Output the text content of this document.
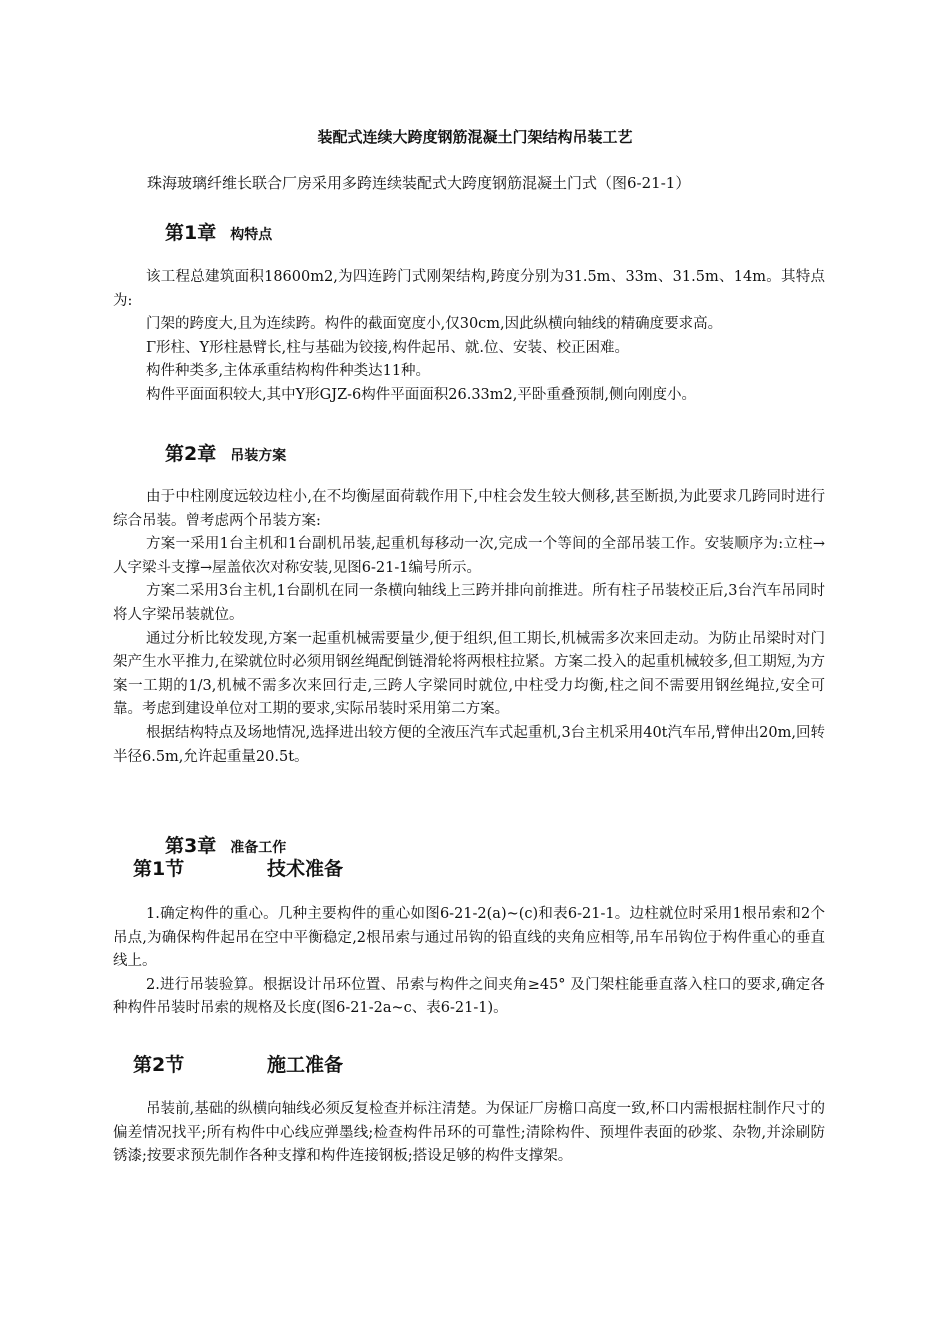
装配式连续大跨度钢筋混凝土门架结构吊装工艺
珠海玻璃纤维长联合厂房采用多跨连续装配式大跨度钢筋混凝土门式（图6-21-1）
第1章 构特点

该工程总建筑面积18600m2,为四连跨门式刚架结构,跨度分别为31.5m、33m、31.5m、14m。其特点为:

门架的跨度大,且为连续跨。构件的截面宽度小,仅30cm,因此纵横向轴线的精确度要求高。

Γ形柱、Y形柱悬臂长,柱与基础为铰接,构件起吊、就.位、安装、校正困难。

构件种类多,主体承重结构构件种类达11种。

构件平面面积较大,其中Y形GJZ-6构件平面面积26.33m2,平卧重叠预制,侧向刚度小。

第2章 吊装方案

由于中柱刚度远较边柱小,在不均衡屋面荷载作用下,中柱会发生较大侧移,甚至断损,为此要求几跨同时进行综合吊装。曾考虑两个吊装方案:

方案一采用1台主机和1台副机吊装,起重机每移动一次,完成一个等间的全部吊装工作。安装顺序为:立柱→人字梁斗支撑→屋盖依次对称安装,见图6-21-1编号所示。

方案二采用3台主机,1台副机在同一条横向轴线上三跨并排向前推进。所有柱子吊装校正后,3台汽车吊同时将人字梁吊装就位。

通过分析比较发现,方案一起重机械需要量少,便于组织,但工期长,机械需多次来回走动。为防止吊梁时对门架产生水平推力,在梁就位时必须用钢丝绳配倒链滑轮将两根柱拉紧。方案二投入的起重机械较多,但工期短,为方案一工期的1/3,机械不需多次来回行走,三跨人字梁同时就位,中柱受力均衡,柱之间不需要用钢丝绳拉,安全可靠。考虑到建设单位对工期的要求,实际吊装时采用第二方案。

根据结构特点及场地情况,选择进出较方便的全液压汽车式起重机,3台主机采用40t汽车吊,臂伸出20m,回转半径6.5m,允许起重量20.5t。

第3章 准备工作
第1节	技术准备

1.确定构件的重心。几种主要构件的重心如图6-21-2(a)~(c)和表6-21-1。边柱就位时采用1根吊索和2个吊点,为确保构件起吊在空中平衡稳定,2根吊索与通过吊钩的铅直线的夹角应相等,吊车吊钩位于构件重心的垂直线上。

2.进行吊装验算。根据设计吊环位置、吊索与构件之间夹角≥45° 及门架柱能垂直落入柱口的要求,确定各种构件吊装时吊索的规格及长度(图6-21-2a~c、表6-21-1)。

第2节	施工准备

吊装前,基础的纵横向轴线必须反复检查并标注清楚。为保证厂房檐口高度一致,杯口内需根据柱制作尺寸的偏差情况找平;所有构件中心线应弹墨线;检查构件吊环的可靠性;清除构件、预埋件表面的砂浆、杂物,并涂刷防锈漆;按要求预先制作各种支撑和构件连接钢板;搭设足够的构件支撑架。
